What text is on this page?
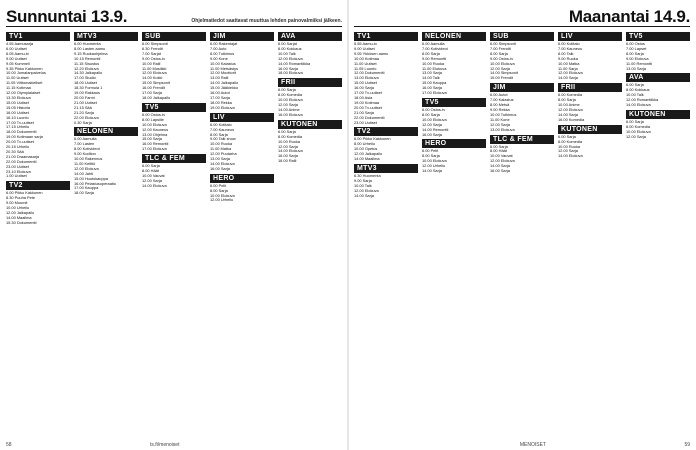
Sunnuntai 13.9.	Ohjelmatiedot saattavat muuttua lehden painovalmiiksi jälkeen.
TV1
4.55 Aamusarja
6.00 Uutiset
6.05 Aamu-tv
9.00 Uutiset
9.05 Kummeli
9.35 Pikku Kakkonen
10.00 Jumalanpalvelus
11.00 Uutiset
11.05 Viittomakieliset
11.15 Kotimaa
12.00 Olympialaiset
13.30 Elokuva
15.00 Uutiset
15.05 Historia
16.00 Uutiset
16.10 Luonto
17.00 Tv-uutiset
17.15 Urheilu
18.00 Dokumentti
19.00 Kotimaan sarja
20.00 Tv-uutiset
20.15 Urheilu
20.30 Sää
21.00 Draamasarja
22.00 Dokumentti
23.00 Uutiset
23.10 Elokuva
1.00 Uutiset
TV2
6.00 Pikku Kakkonen
8.30 Puuha Pete
9.00 Muumit
10.00 Urheilu
12.00 Jalkapallo
14.00 Maailma
15.30 Dokumentti
MTV3
6.00 Huomenta
8.00 Lasten aamu
9.15 Ruokaohjelma
10.15 Remontti
11.15 Sisustus
12.20 Elokuva
14.30 Jalkapallo
17.00 Studio
18.00 Uutiset
18.30 Formula 1
19.00 Rakkaus
20.00 Farmi
21.00 Uutiset
21.15 Sää
21.20 Sarja
22.00 Elokuva
0.30 Sarja
NELONEN
6.00 Aamulla
7.00 Lasten
8.00 Kotivideot
9.00 Koditon
10.00 Rakennus
11.00 Keittiö
12.00 Elokuva
14.00 Jahti
15.00 Huutokauppa
16.00 Pelastusoperaatio
17.00 Kauppa
18.00 Sarja
SUB
6.00 Simpsonit
6.30 Frendit
7.00 Sarjat
9.00 Ostos-tv
10.00 Ralli
11.00 Musiikki
12.00 Elokuva
14.00 Kokki
15.00 Simpsonit
16.00 Frendit
17.00 Sarja
18.00 Jalkapallo
TV5
6.00 Ostos-tv
8.00 Lapsille
10.00 Elokuva
12.00 Kauneus
13.00 Ohjelma
15.00 Sarja
16.00 Remontti
17.00 Elokuva
TLC & FEM
6.00 Sarja
8.00 Häät
10.00 Vauvat
12.00 Sarja
14.00 Elokuva
JIM
6.00 Rakentajat
7.00 Auto
8.00 Tutkimus
9.00 Kone
10.00 Kalastus
11.00 Metsästys
12.00 Moottorit
13.00 Ralli
14.00 Jalkapallo
15.00 Jääkiekko
16.00 Autot
17.00 Sarja
18.00 Rekka
19.00 Elokuva
LIV
6.00 Kotitalo
7.00 Kauneus
8.00 Sarja
9.00 Talk show
10.00 Ruoka
11.00 Matka
12.00 Puutarha
13.00 Sarja
14.00 Elokuva
16.00 Sarja
HERO
6.00 Pelit
8.00 Sarja
10.00 Elokuva
12.00 Urheilu
AVA
6.00 Sarjat
8.00 Kokkaus
10.00 Talk
12.00 Elokuva
14.00 Romantiikka
16.00 Sarja
18.00 Elokuva
FRII
6.00 Sarja
8.00 Komedia
10.00 Elokuva
12.00 Sarja
14.00 Anime
16.00 Elokuva
KUTONEN
6.00 Sarja
8.00 Komedia
10.00 Ruoka
12.00 Sarja
14.00 Elokuva
16.00 Sarja
18.00 Ralli
58	ts.fi/menoiset
Maanantai 14.9.
TV1
5.55 Aamu-tv
9.00 Uutiset
9.05 Ykkösen aamu
10.00 Kotimaa
11.00 Uutiset
11.05 Luonto
12.00 Dokumentti
13.00 Elokuva
15.00 Uutiset
16.00 Sarja
17.00 Tv-uutiset
18.00 Asia
19.00 Kotimaa
20.00 Tv-uutiset
21.00 Sarja
22.00 Dokumentti
23.00 Uutiset
TV2
6.00 Pikku Kakkonen
8.00 Urheilu
10.00 Opetus
12.00 Jalkapallo
14.00 Maailma
MTV3
6.30 Huomenta
9.00 Sarja
10.00 Talk
12.00 Elokuva
14.00 Sarja
NELONEN
6.00 Aamulla
7.00 Kotivideot
8.00 Sarja
9.00 Remontti
10.00 Ruoka
11.00 Elokuva
13.00 Sarja
14.00 Talk
15.00 Kauppa
16.00 Sarja
17.00 Elokuva
TV5
6.00 Ostos-tv
8.00 Sarja
10.00 Elokuva
12.00 Sarja
14.00 Remontti
16.00 Sarja
HERO
6.00 Pelit
8.00 Sarja
10.00 Elokuva
12.00 Urheilu
14.00 Sarja
SUB
6.00 Simpsonit
7.00 Frendit
8.00 Sarja
9.00 Ostos-tv
10.00 Elokuva
12.00 Sarja
14.00 Simpsonit
15.00 Frendit
JIM
6.00 Autot
7.00 Kalastus
8.00 Metsä
9.00 Rekka
10.00 Tutkimus
11.00 Kone
12.00 Sarja
13.00 Elokuva
TLC & FEM
6.00 Sarja
8.00 Häät
10.00 Vauvat
12.00 Elokuva
14.00 Sarja
16.00 Sarja
LIV
6.00 Kotitalo
7.00 Kauneus
8.00 Talk
9.00 Ruoka
10.00 Matka
11.00 Sarja
12.00 Elokuva
14.00 Sarja
FRII
6.00 Komedia
8.00 Sarja
10.00 Anime
12.00 Elokuva
14.00 Sarja
16.00 Komedia
KUTONEN
6.00 Sarja
8.00 Komedia
10.00 Ruoka
12.00 Sarja
14.00 Elokuva
TV5
6.00 Ostos
7.00 Lapset
8.00 Sarja
9.00 Elokuva
11.00 Remontti
13.00 Sarja
AVA
6.00 Sarja
8.00 Kokkaus
10.00 Talk
12.00 Romantiikka
14.00 Elokuva
KUTONEN
6.00 Sarja
8.00 Komedia
10.00 Elokuva
12.00 Sarja
MENOISET	59
